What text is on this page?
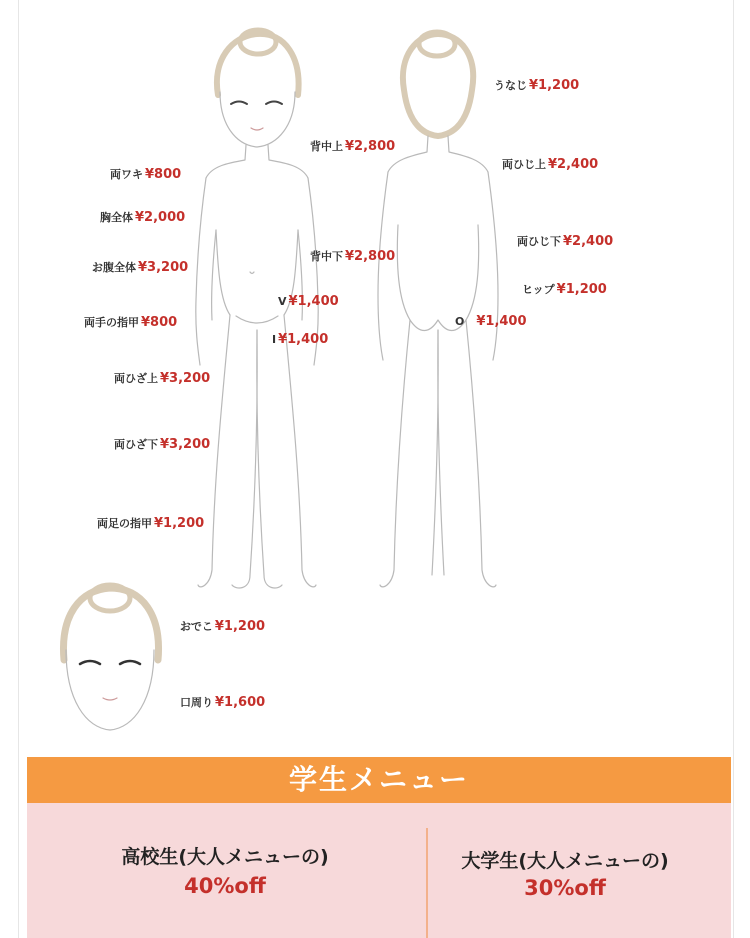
両ワキ ¥800
胸全体 ¥2,000
お腹全体 ¥3,200
両手の指甲 ¥800
両ひざ上 ¥3,200
両ひざ下 ¥3,200
両足の指甲 ¥1,200
背中上 ¥2,800
背中下 ¥2,800
V ¥1,400
I ¥1,400
うなじ ¥1,200
両ひじ上 ¥2,400
両ひじ下 ¥2,400
ヒップ ¥1,200
O ¥1,400
おでこ ¥1,200
口周り ¥1,600
学生メニュー
高校生(大人メニューの)
40%off
大学生(大人メニューの)
30%off
